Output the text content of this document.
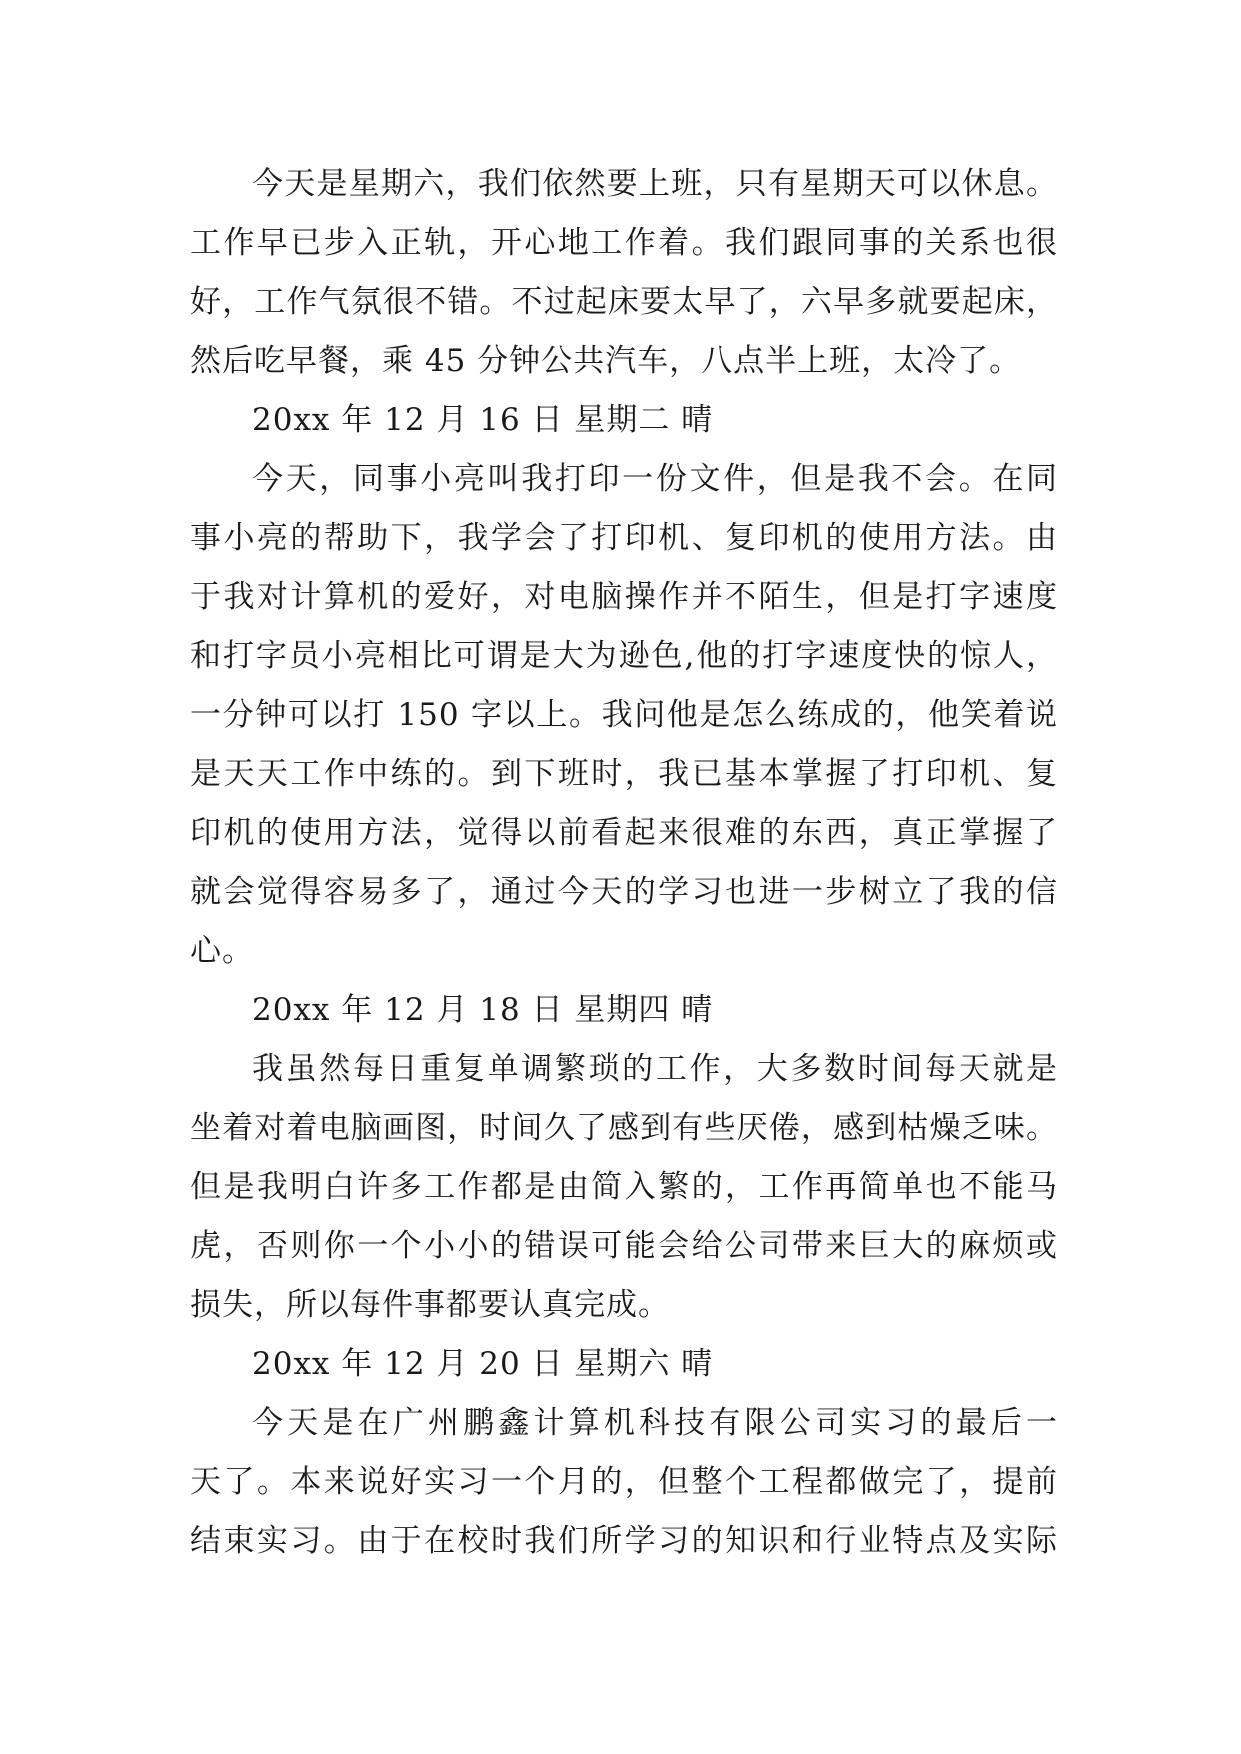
今天是星期六，我们依然要上班，只有星期天可以休息。
工作早已步入正轨，开心地工作着。我们跟同事的关系也很
好，工作气氛很不错。不过起床要太早了，六早多就要起床，
然后吃早餐，乘 45 分钟公共汽车，八点半上班，太冷了。
20xx 年 12 月 16 日 星期二 晴
今天，同事小亮叫我打印一份文件，但是我不会。在同
事小亮的帮助下，我学会了打印机、复印机的使用方法。由
于我对计算机的爱好，对电脑操作并不陌生，但是打字速度
和打字员小亮相比可谓是大为逊色,他的打字速度快的惊人，
一分钟可以打 150 字以上。我问他是怎么练成的，他笑着说
是天天工作中练的。到下班时，我已基本掌握了打印机、复
印机的使用方法，觉得以前看起来很难的东西，真正掌握了
就会觉得容易多了，通过今天的学习也进一步树立了我的信
心。
20xx 年 12 月 18 日 星期四 晴
我虽然每日重复单调繁琐的工作，大多数时间每天就是
坐着对着电脑画图，时间久了感到有些厌倦，感到枯燥乏味。
但是我明白许多工作都是由简入繁的，工作再简单也不能马
虎，否则你一个小小的错误可能会给公司带来巨大的麻烦或
损失，所以每件事都要认真完成。
20xx 年 12 月 20 日 星期六 晴
今天是在广州鹏鑫计算机科技有限公司实习的最后一
天了。本来说好实习一个月的，但整个工程都做完了，提前
结束实习。由于在校时我们所学习的知识和行业特点及实际
